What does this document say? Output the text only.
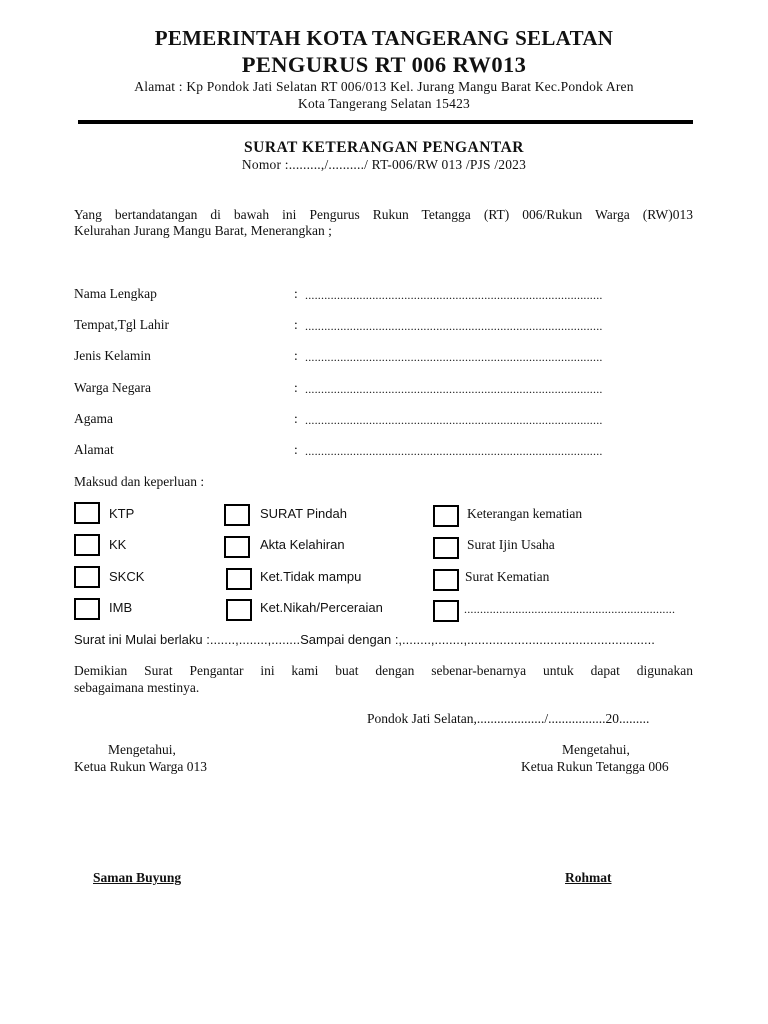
PEMERINTAH KOTA TANGERANG SELATAN
PENGURUS RT 006 RW013
Alamat : Kp Pondok Jati Selatan RT 006/013 Kel. Jurang Mangu Barat Kec.Pondok Aren
Kota Tangerang Selatan 15423
SURAT KETERANGAN PENGANTAR
Nomor :.........,/........../ RT-006/RW 013 /PJS /2023
Yang bertandatangan di bawah ini Pengurus Rukun Tetangga (RT) 006/Rukun Warga (RW)013
Kelurahan Jurang Mangu Barat, Menerangkan ;
Nama Lengkap	: .............................................................................................
Tempat,Tgl Lahir	: .............................................................................................
Jenis Kelamin	: .............................................................................................
Warga Negara	: .............................................................................................
Agama	: .............................................................................................
Alamat	: .............................................................................................
Maksud dan keperluan :
KTP	SURAT Pindah	Keterangan kematian
KK	Akta Kelahiran	Surat Ijin Usaha
SKCK	Ket.Tidak mampu	Surat Kematian
IMB	Ket.Nikah/Perceraian	..................................................................
Surat ini Mulai berlaku :.......,........,........Sampai dengan :,........,........,....................................................
Demikian Surat Pengantar ini kami buat dengan sebenar-benarnya untuk dapat digunakan
sebagaimana mestinya.
Pondok Jati Selatan,..................../.................20.........
Mengetahui,
Ketua Rukun Warga 013
Mengetahui,
Ketua Rukun Tetangga 006
Saman Buyung	Rohmat
